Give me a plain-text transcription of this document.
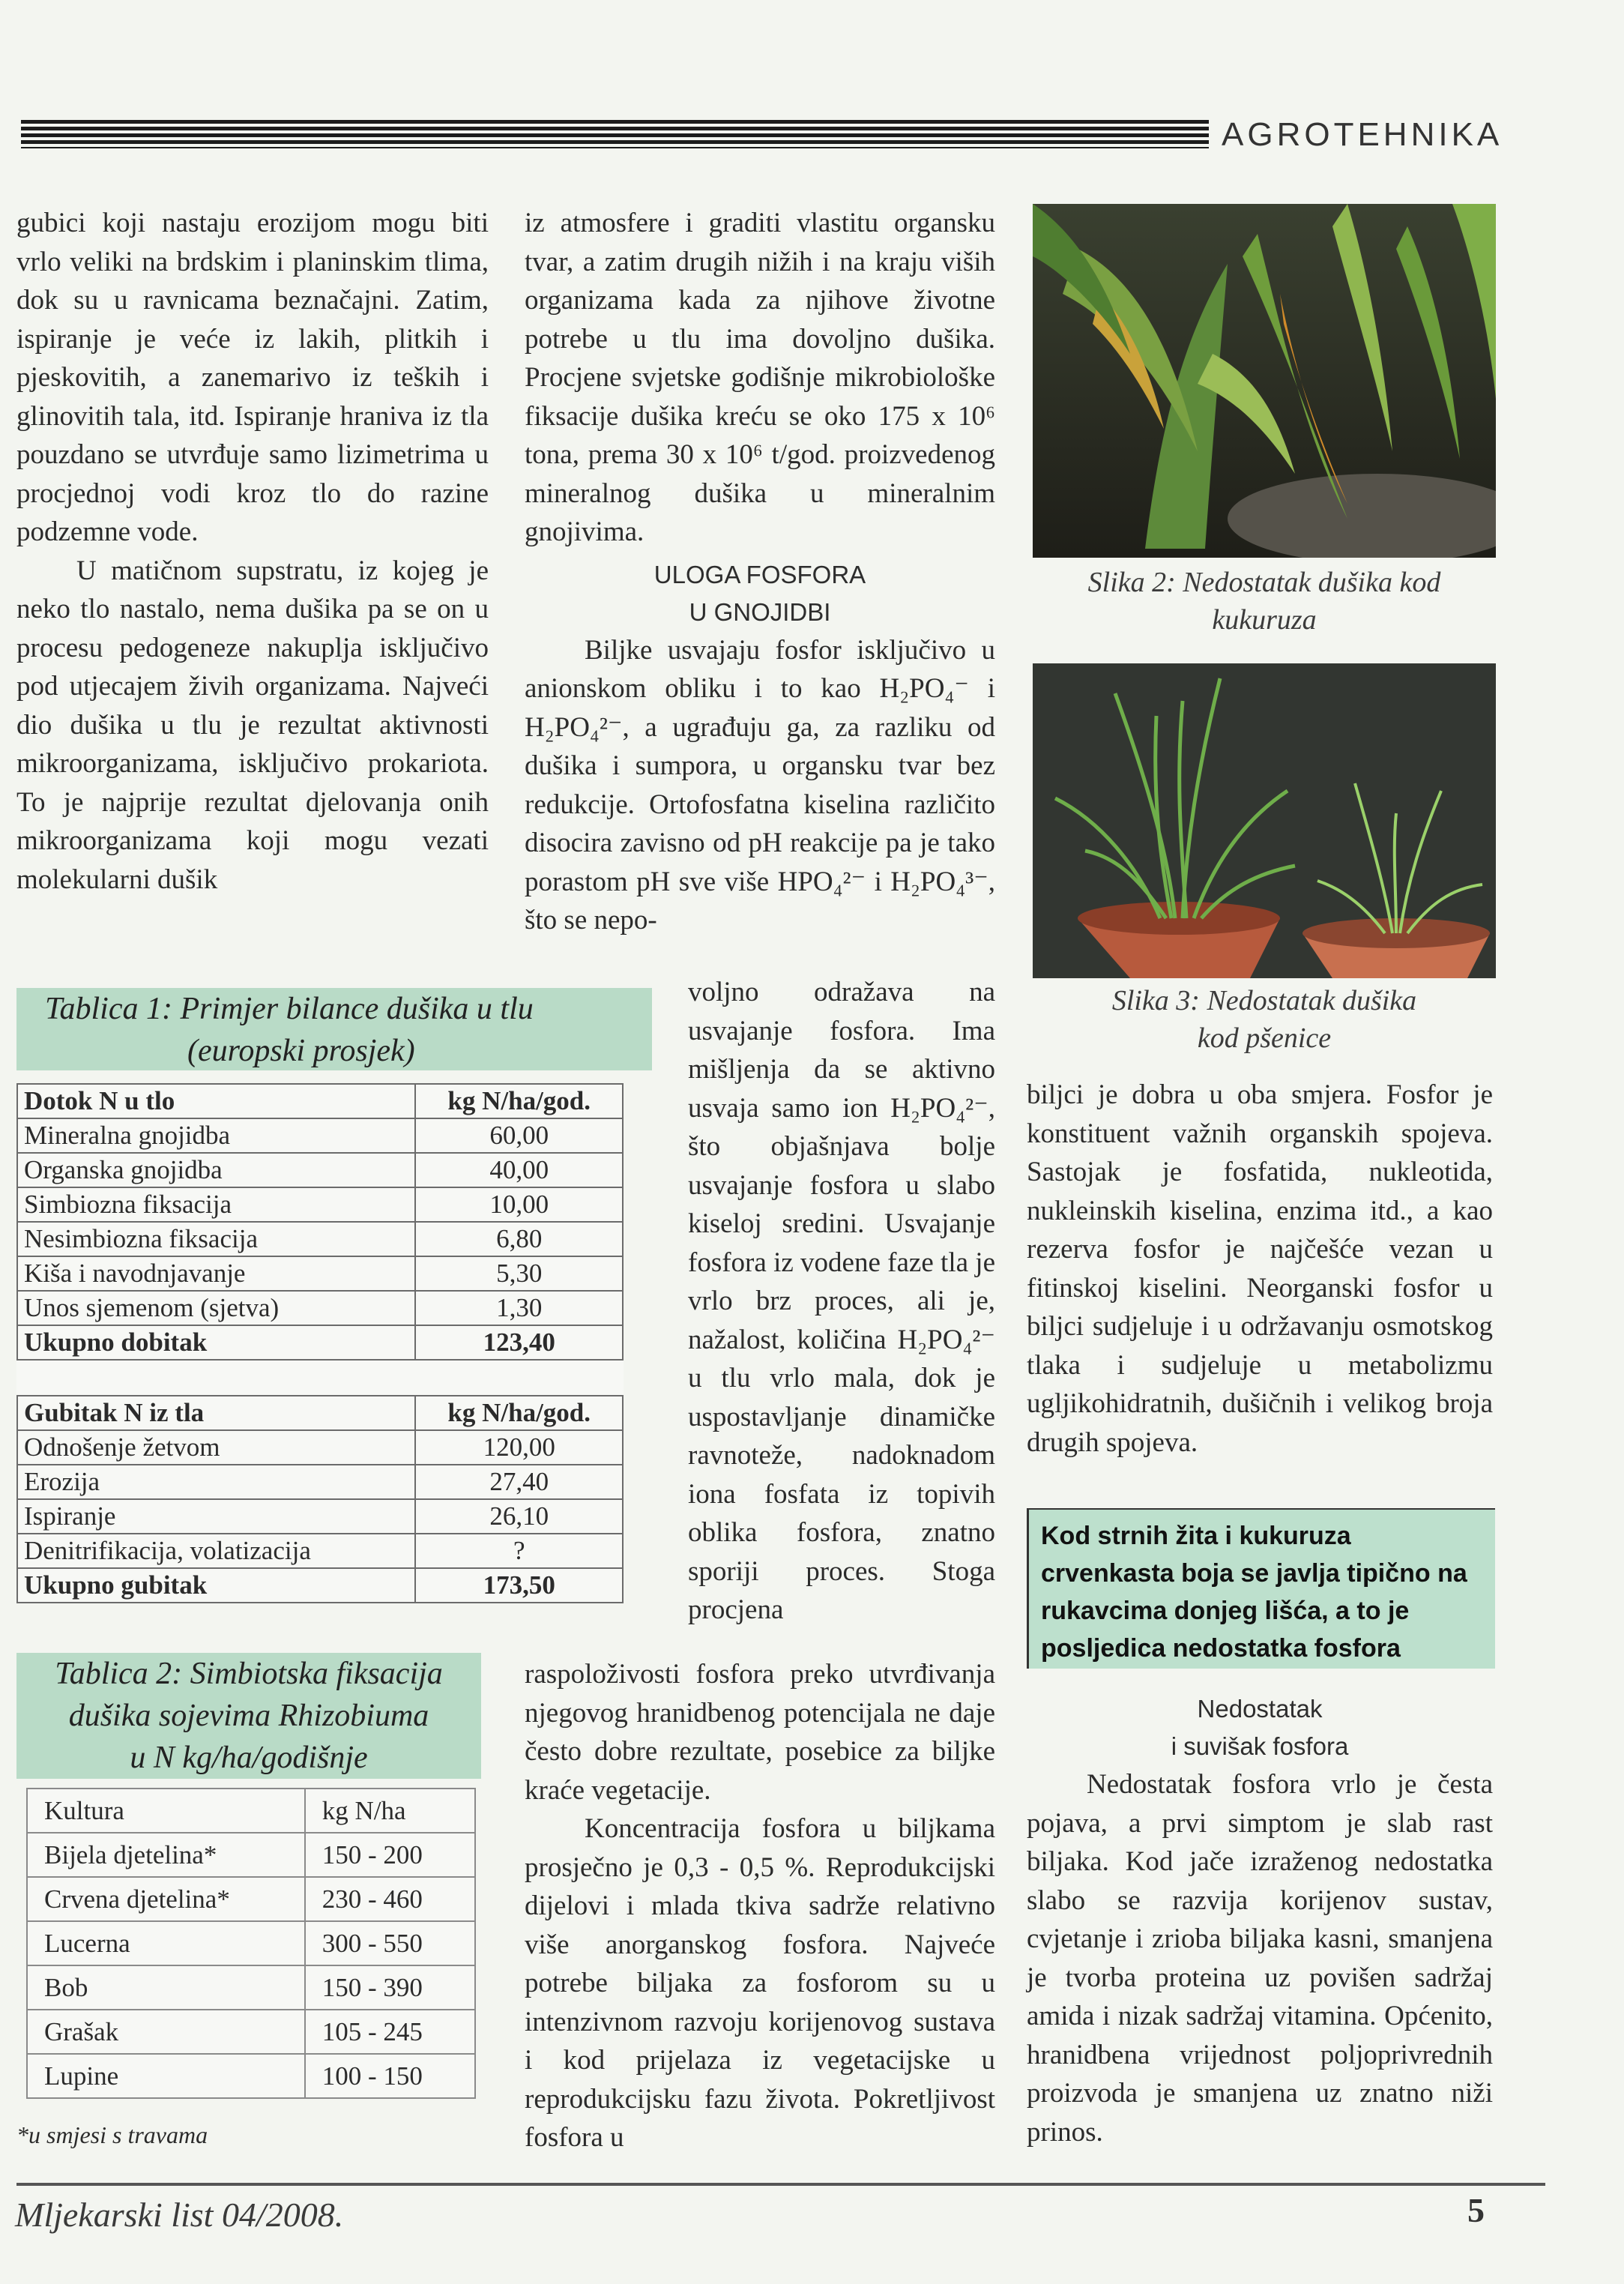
AGROTEHNIKA

gubici koji nastaju erozijom mogu biti vrlo veliki na brdskim i planinskim tlima, dok su u ravnicama beznačajni. Zatim, ispiranje je veće iz lakih, plitkih i pjeskovitih, a zanemarivo iz teških i glinovitih tala, itd. Ispiranje hraniva iz tla pouzdano se utvrđuje samo lizimetrima u procjednoj vodi kroz tlo do razine podzemne vode.

U matičnom supstratu, iz kojeg je neko tlo nastalo, nema dušika pa se on u procesu pedogeneze nakuplja isključivo pod utjecajem živih organizama. Najveći dio dušika u tlu je rezultat aktivnosti mikroorganizama, isključivo prokariota. To je najprije rezultat djelovanja onih mikroorganizama koji mogu vezati molekularni dušik

Tablica 1: Primjer bilance dušika u tlu
(europski prosjek)
Dotok N u tlo	kg N/ha/god.
Mineralna gnojidba	60,00
Organska gnojidba	40,00
Simbiozna fiksacija	10,00
Nesimbiozna fiksacija	6,80
Kiša i navodnjavanje	5,30
Unos sjemenom (sjetva)	1,30
Ukupno dobitak	123,40

Gubitak N iz tla	kg N/ha/god.
Odnošenje žetvom	120,00
Erozija	27,40
Ispiranje	26,10
Denitrifikacija, volatizacija	?
Ukupno gubitak	173,50
Tablica 2: Simbiotska fiksacija
dušika sojevima Rhizobiuma
u N kg/ha/godišnje
Kultura	kg N/ha
Bijela djetelina*	150 - 200
Crvena djetelina*	230 - 460
Lucerna	300 - 550
Bob	150 - 390
Grašak	105 - 245
Lupine	100 - 150
*u smjesi s travama

iz atmosfere i graditi vlastitu organsku tvar, a zatim drugih nižih i na kraju viših organizama kada za njihove životne potrebe u tlu ima dovoljno dušika. Procjene svjetske godišnje mikrobiološke fiksacije dušika kreću se oko 175 x 10⁶ tona, prema 30 x 10⁶ t/god. proizvedenog mineralnog dušika u mineralnim gnojivima.

ULOGA FOSFORA
U GNOJIDBI

Biljke usvajaju fosfor isključivo u anionskom obliku i to kao H₂PO₄⁻ i H₂PO₄²⁻, a ugrađuju ga, za razliku od dušika i sumpora, u organsku tvar bez redukcije. Ortofosfatna kiselina različito disocira zavisno od pH reakcije pa je tako porastom pH sve više HPO₄²⁻ i H₂PO₄³⁻, što se nepo-

voljno odražava na usvajanje fosfora. Ima mišljenja da se aktivno usvaja samo ion H₂PO₄²⁻, što objašnjava bolje usvajanje fosfora u slabo kiseloj sredini. Usvajanje fosfora iz vodene faze tla je vrlo brz proces, ali je, nažalost, količina H₂PO₄²⁻ u tlu vrlo mala, dok je uspostavljanje dinamičke ravnoteže, nadoknadom iona fosfata iz topivih oblika fosfora, znatno sporiji proces. Stoga procjena

raspoloživosti fosfora preko utvrđivanja njegovog hranidbenog potencijala ne daje često dobre rezultate, posebice za biljke kraće vegetacije.

Koncentracija fosfora u biljkama prosječno je 0,3 - 0,5 %. Reprodukcijski dijelovi i mlada tkiva sadrže relativno više anorganskog fosfora. Najveće potrebe biljaka za fosforom su u intenzivnom razvoju korijenovog sustava i kod prijelaza iz vegetacijske u reprodukcijsku fazu života. Pokretljivost fosfora u

Slika 2: Nedostatak dušika kod
kukuruza
Slika 3: Nedostatak dušika
kod pšenice

biljci je dobra u oba smjera. Fosfor je konstituent važnih organskih spojeva. Sastojak je fosfatida, nukleotida, nukleinskih kiselina, enzima itd., a kao rezerva fosfor je najčešće vezan u fitinskoj kiselini. Neorganski fosfor u biljci sudjeluje i u održavanju osmotskog tlaka i sudjeluje u metabolizmu ugljikohidratnih, dušičnih i velikog broja drugih spojeva.

Kod strnih žita i kukuruza crvenkasta boja se javlja tipično na rukavcima donjeg lišća, a to je posljedica nedostatka fosfora
Nedostatak
i suvišak fosfora

Nedostatak fosfora vrlo je česta pojava, a prvi simptom je slab rast biljaka. Kod jače izraženog nedostatka slabo se razvija korijenov sustav, cvjetanje i zrioba biljaka kasni, smanjena je tvorba proteina uz povišen sadržaj amida i nizak sadržaj vitamina. Općenito, hranidbena vrijednost poljoprivrednih proizvoda je smanjena uz znatno niži prinos.

Mljekarski list 04/2008.	5
